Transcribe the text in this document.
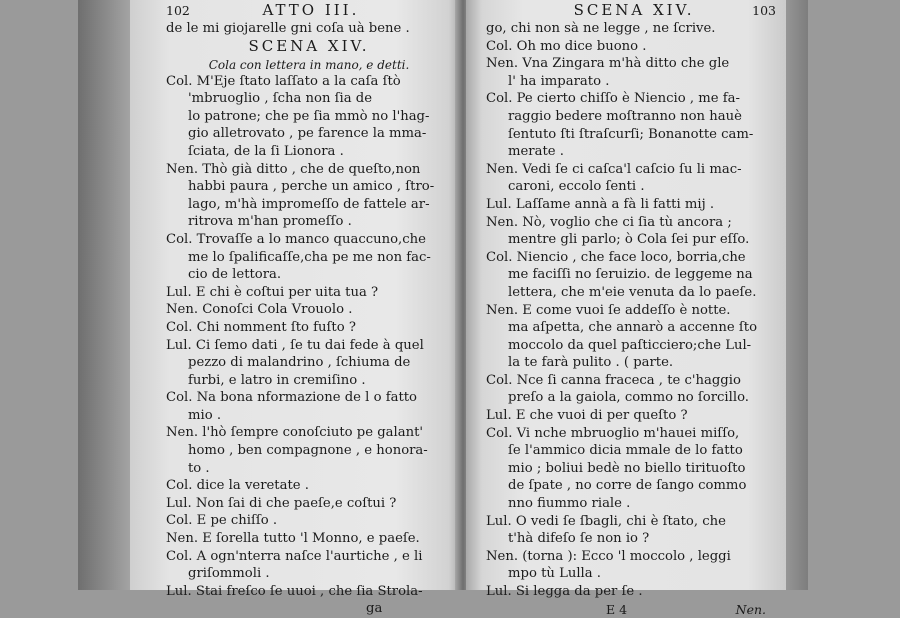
102	ATTO III.
de le mi giojarelle gni coſa uà bene .
SCENA XIV.
Cola con lettera in mano, e detti.
Col. M'Eje ſtato laſſato a la caſa ſtò
'mbruoglio , ſcha non ſia de
lo patrone; che pe ſia mmò no l'hag-
gio alletrovato , pe farence la mma-
ſciata, de la ſi Lionora .
Nen. Thò già ditto , che de queſto,non
habbi paura , perche un amico , ſtro-
lago, m'hà impromeſſo de fattele ar-
ritrova m'han promeſſo .
Col. Trovaſſe a lo manco quaccuno,che
me lo ſpalificaſſe,cha pe me non fac-
cio de lettora.
Lul. E chi è coſtui per uita tua ?
Nen. Conoſci Cola Vrouolo .
Col. Chi nomment ſto fuſto ?
Lul. Ci ſemo dati , ſe tu dai fede à quel
pezzo di malandrino , ſchiuma de
furbi, e latro in cremiſino .
Col. Na bona nformazione de l o fatto
mio .
Nen. l'hò ſempre conoſciuto pe galant'
homo , ben compagnone , e honora-
to .
Col. dice la veretate .
Lul. Non ſai di che paeſe,e coſtui ?
Col. E pe chiſſo .
Nen. E ſorella tutto 'l Monno, e paeſe.
Col. A ogn'nterra naſce l'aurtiche , e li
griſommoli .
Lul. Stai freſco ſe uuoi , che ſia Strola-
ga
SCENA XIV.	103
go, chi non sà ne legge , ne ſcrive.
Col. Oh mo dice buono .
Nen. Vna Zingara m'hà ditto che gle
l' ha imparato .
Col. Pe cierto chiſſo è Niencio , me fa-
raggio bedere moſtranno non hauè
ſentuto ſti ſtraſcurſi; Bonanotte cam-
merate .
Nen. Vedi ſe ci caſca'l caſcio ſu li mac-
caroni, eccolo ſenti .
Lul. Laſſame annà a fà li fatti mij .
Nen. Nò, voglio che ci ſia tù ancora ;
mentre gli parlo; ò Cola ſei pur eſſo.
Col. Niencio , che face loco, borria,che
me faciſſi no ſeruizio. de leggeme na
lettera, che m'eie venuta da lo paeſe.
Nen. E come vuoi ſe addeſſo è notte.
ma aſpetta, che annarò a accenne ſto
moccolo da quel paſticciero;che Lul-
la te farà pulito . ( parte.
Col. Nce ſi canna fraceca , te c'haggio
preſo a la gaiola, commo no ſorcillo.
Lul. E che vuoi di per queſto ?
Col. Vi nche mbruoglio m'hauei miſſo,
ſe l'ammico dicia mmale de lo fatto
mio ; boliui bedè no biello tirituoſto
de ſpate , no corre de ſango commo
nno fiummo riale .
Lul. O vedi ſe ſbagli, chi è ſtato, che
t'hà difeſo ſe non io ?
Nen. (torna ): Ecco 'l moccolo , leggi
mpo tù Lulla .
Lul. Si legga da per ſe .
E 4	Nen.
